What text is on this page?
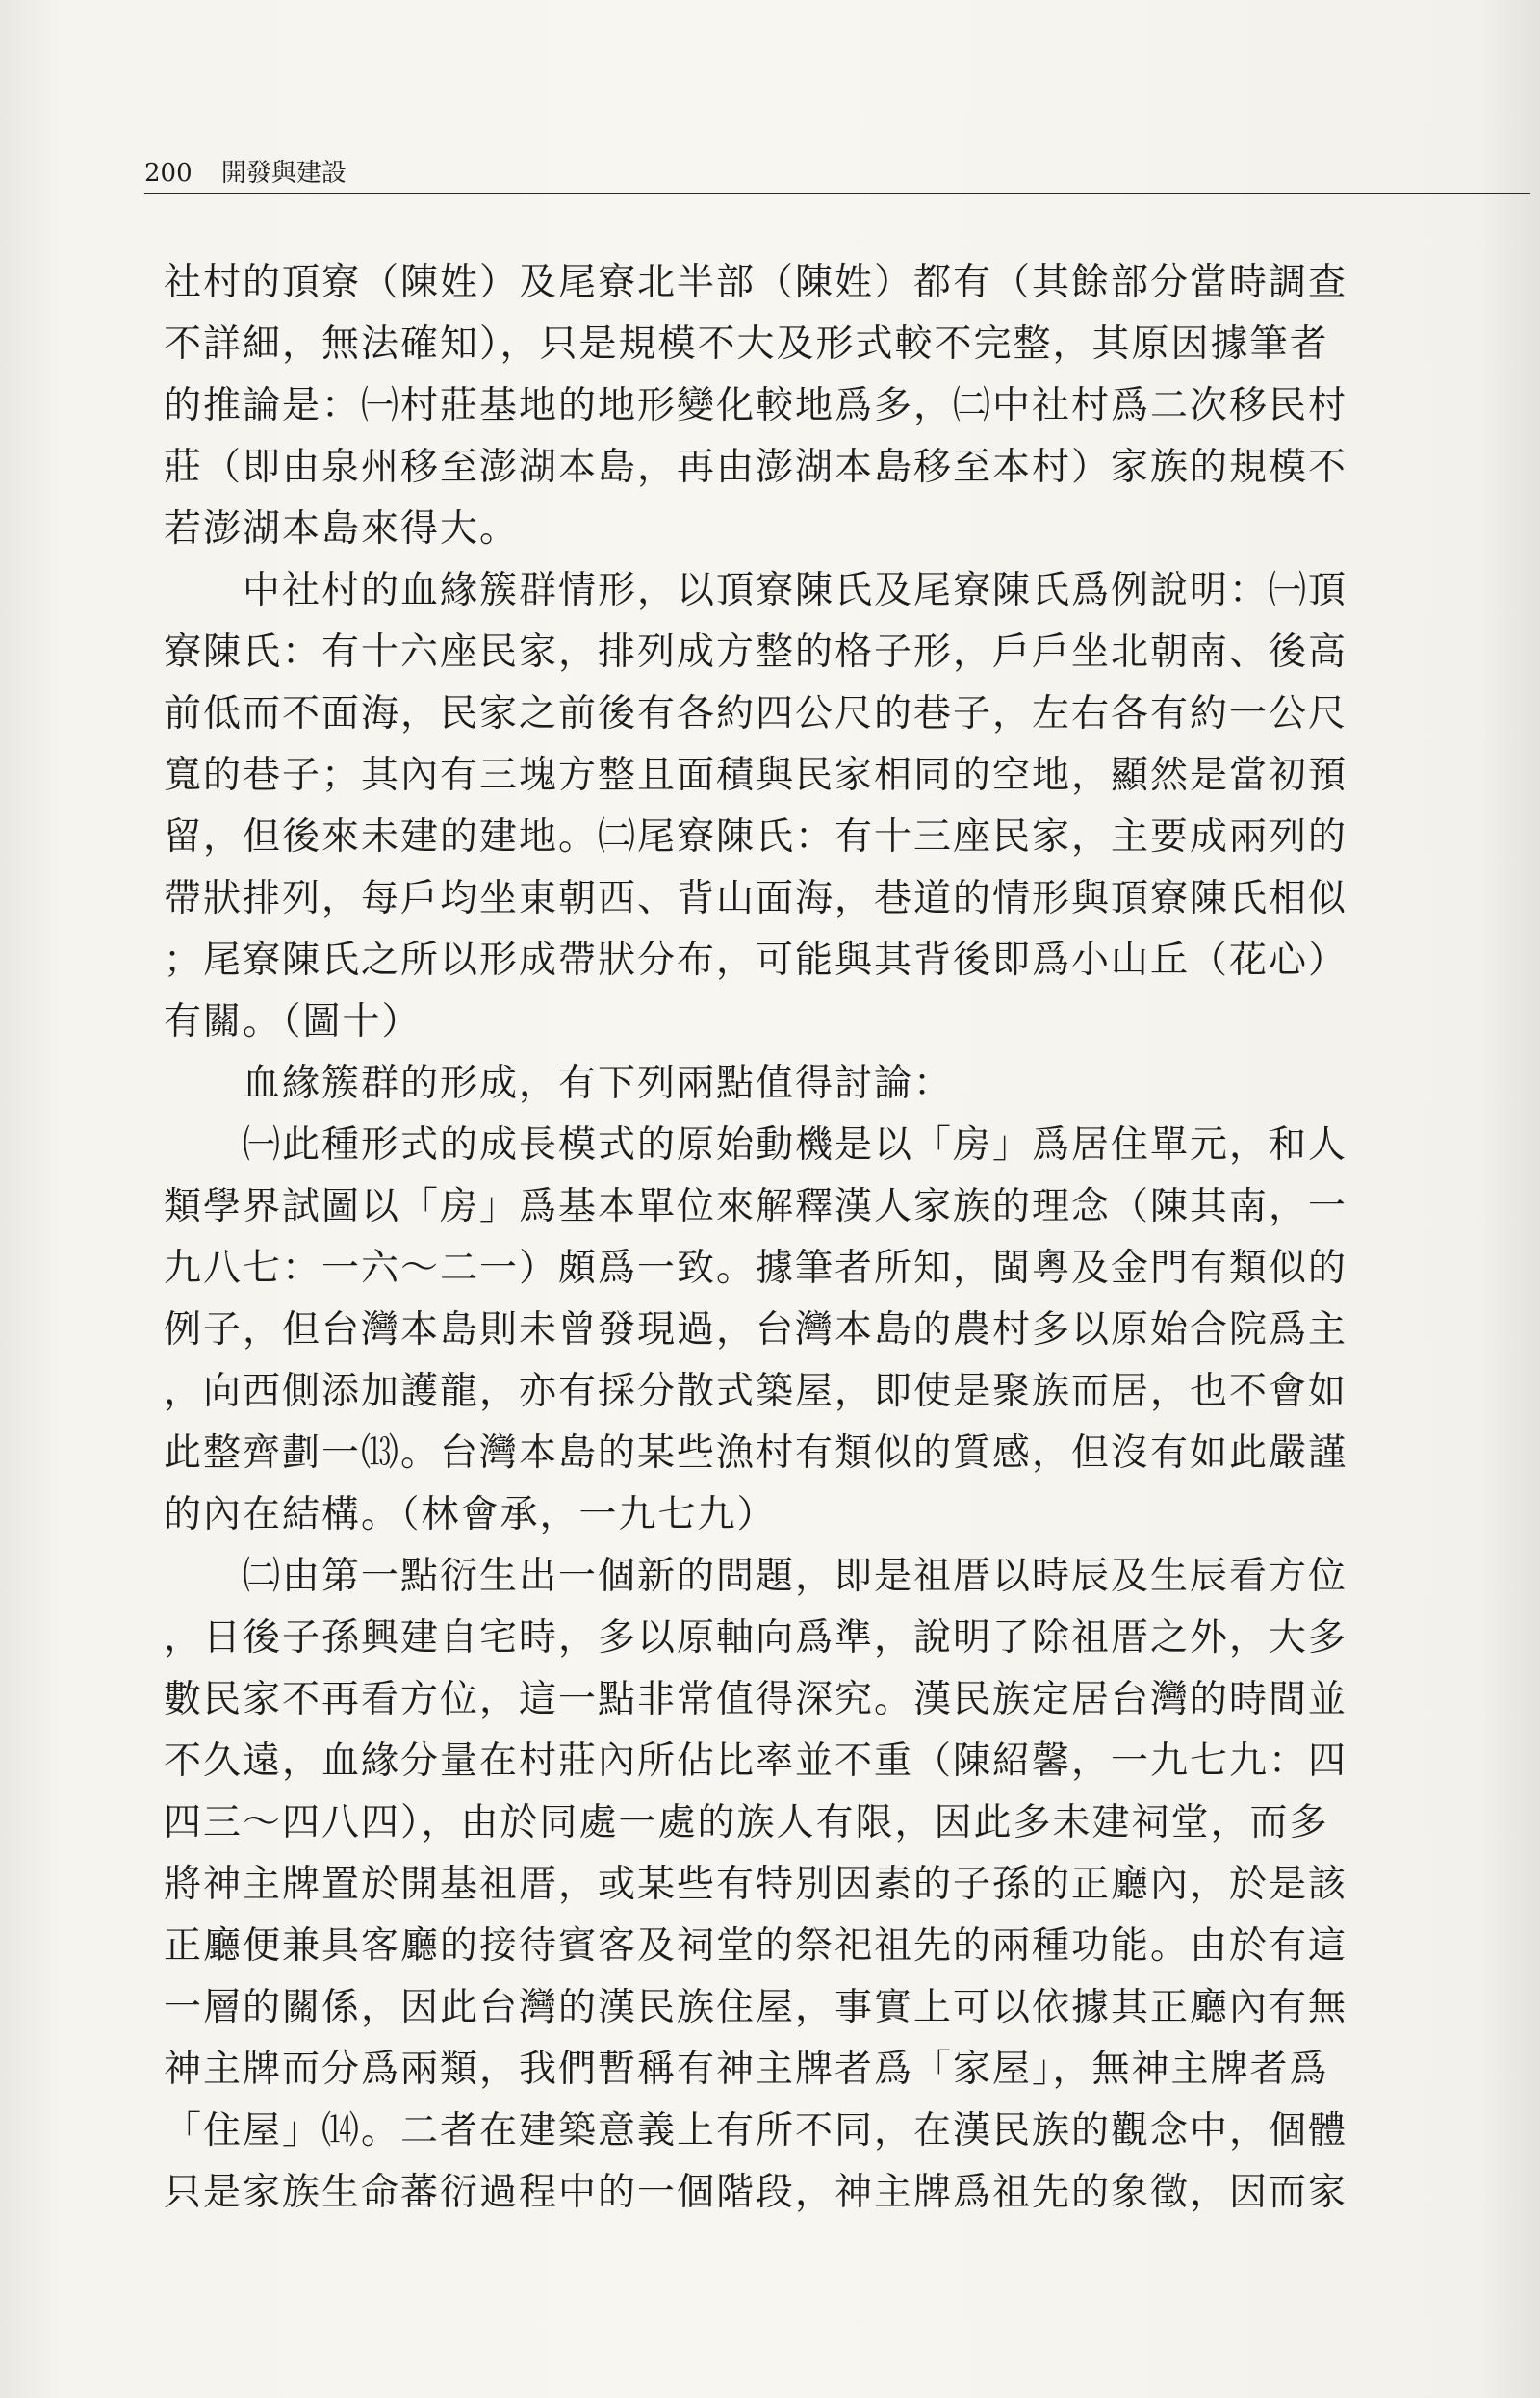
200 開發與建設
社村的頂寮（陳姓）及尾寮北半部（陳姓）都有（其餘部分當時調查
不詳細，無法確知），只是規模不大及形式較不完整，其原因據筆者
的推論是：㈠村莊基地的地形變化較地爲多，㈡中社村爲二次移民村
莊（即由泉州移至澎湖本島，再由澎湖本島移至本村）家族的規模不
若澎湖本島來得大。
　　中社村的血緣簇群情形，以頂寮陳氏及尾寮陳氏爲例說明：㈠頂
寮陳氏：有十六座民家，排列成方整的格子形，戶戶坐北朝南、後高
前低而不面海，民家之前後有各約四公尺的巷子，左右各有約一公尺
寬的巷子；其內有三塊方整且面積與民家相同的空地，顯然是當初預
留，但後來未建的建地。㈡尾寮陳氏：有十三座民家，主要成兩列的
帶狀排列，每戶均坐東朝西、背山面海，巷道的情形與頂寮陳氏相似
；尾寮陳氏之所以形成帶狀分布，可能與其背後即爲小山丘（花心）
有關。（圖十）
　　血緣簇群的形成，有下列兩點值得討論：
　　㈠此種形式的成長模式的原始動機是以「房」爲居住單元，和人
類學界試圖以「房」爲基本單位來解釋漢人家族的理念（陳其南，一
九八七：一六～二一）頗爲一致。據筆者所知，閩粵及金門有類似的
例子，但台灣本島則未曾發現過，台灣本島的農村多以原始合院爲主
，向西側添加護龍，亦有採分散式築屋，即使是聚族而居，也不會如
此整齊劃一⒀。台灣本島的某些漁村有類似的質感，但沒有如此嚴謹
的內在結構。（林會承，一九七九）
　　㈡由第一點衍生出一個新的問題，即是祖厝以時辰及生辰看方位
，日後子孫興建自宅時，多以原軸向爲準，說明了除祖厝之外，大多
數民家不再看方位，這一點非常值得深究。漢民族定居台灣的時間並
不久遠，血緣分量在村莊內所佔比率並不重（陳紹馨，一九七九：四
四三～四八四），由於同處一處的族人有限，因此多未建祠堂，而多
將神主牌置於開基祖厝，或某些有特別因素的子孫的正廳內，於是該
正廳便兼具客廳的接待賓客及祠堂的祭祀祖先的兩種功能。由於有這
一層的關係，因此台灣的漢民族住屋，事實上可以依據其正廳內有無
神主牌而分爲兩類，我們暫稱有神主牌者爲「家屋」，無神主牌者爲
「住屋」⒁。二者在建築意義上有所不同，在漢民族的觀念中，個體
只是家族生命蕃衍過程中的一個階段，神主牌爲祖先的象徵，因而家
